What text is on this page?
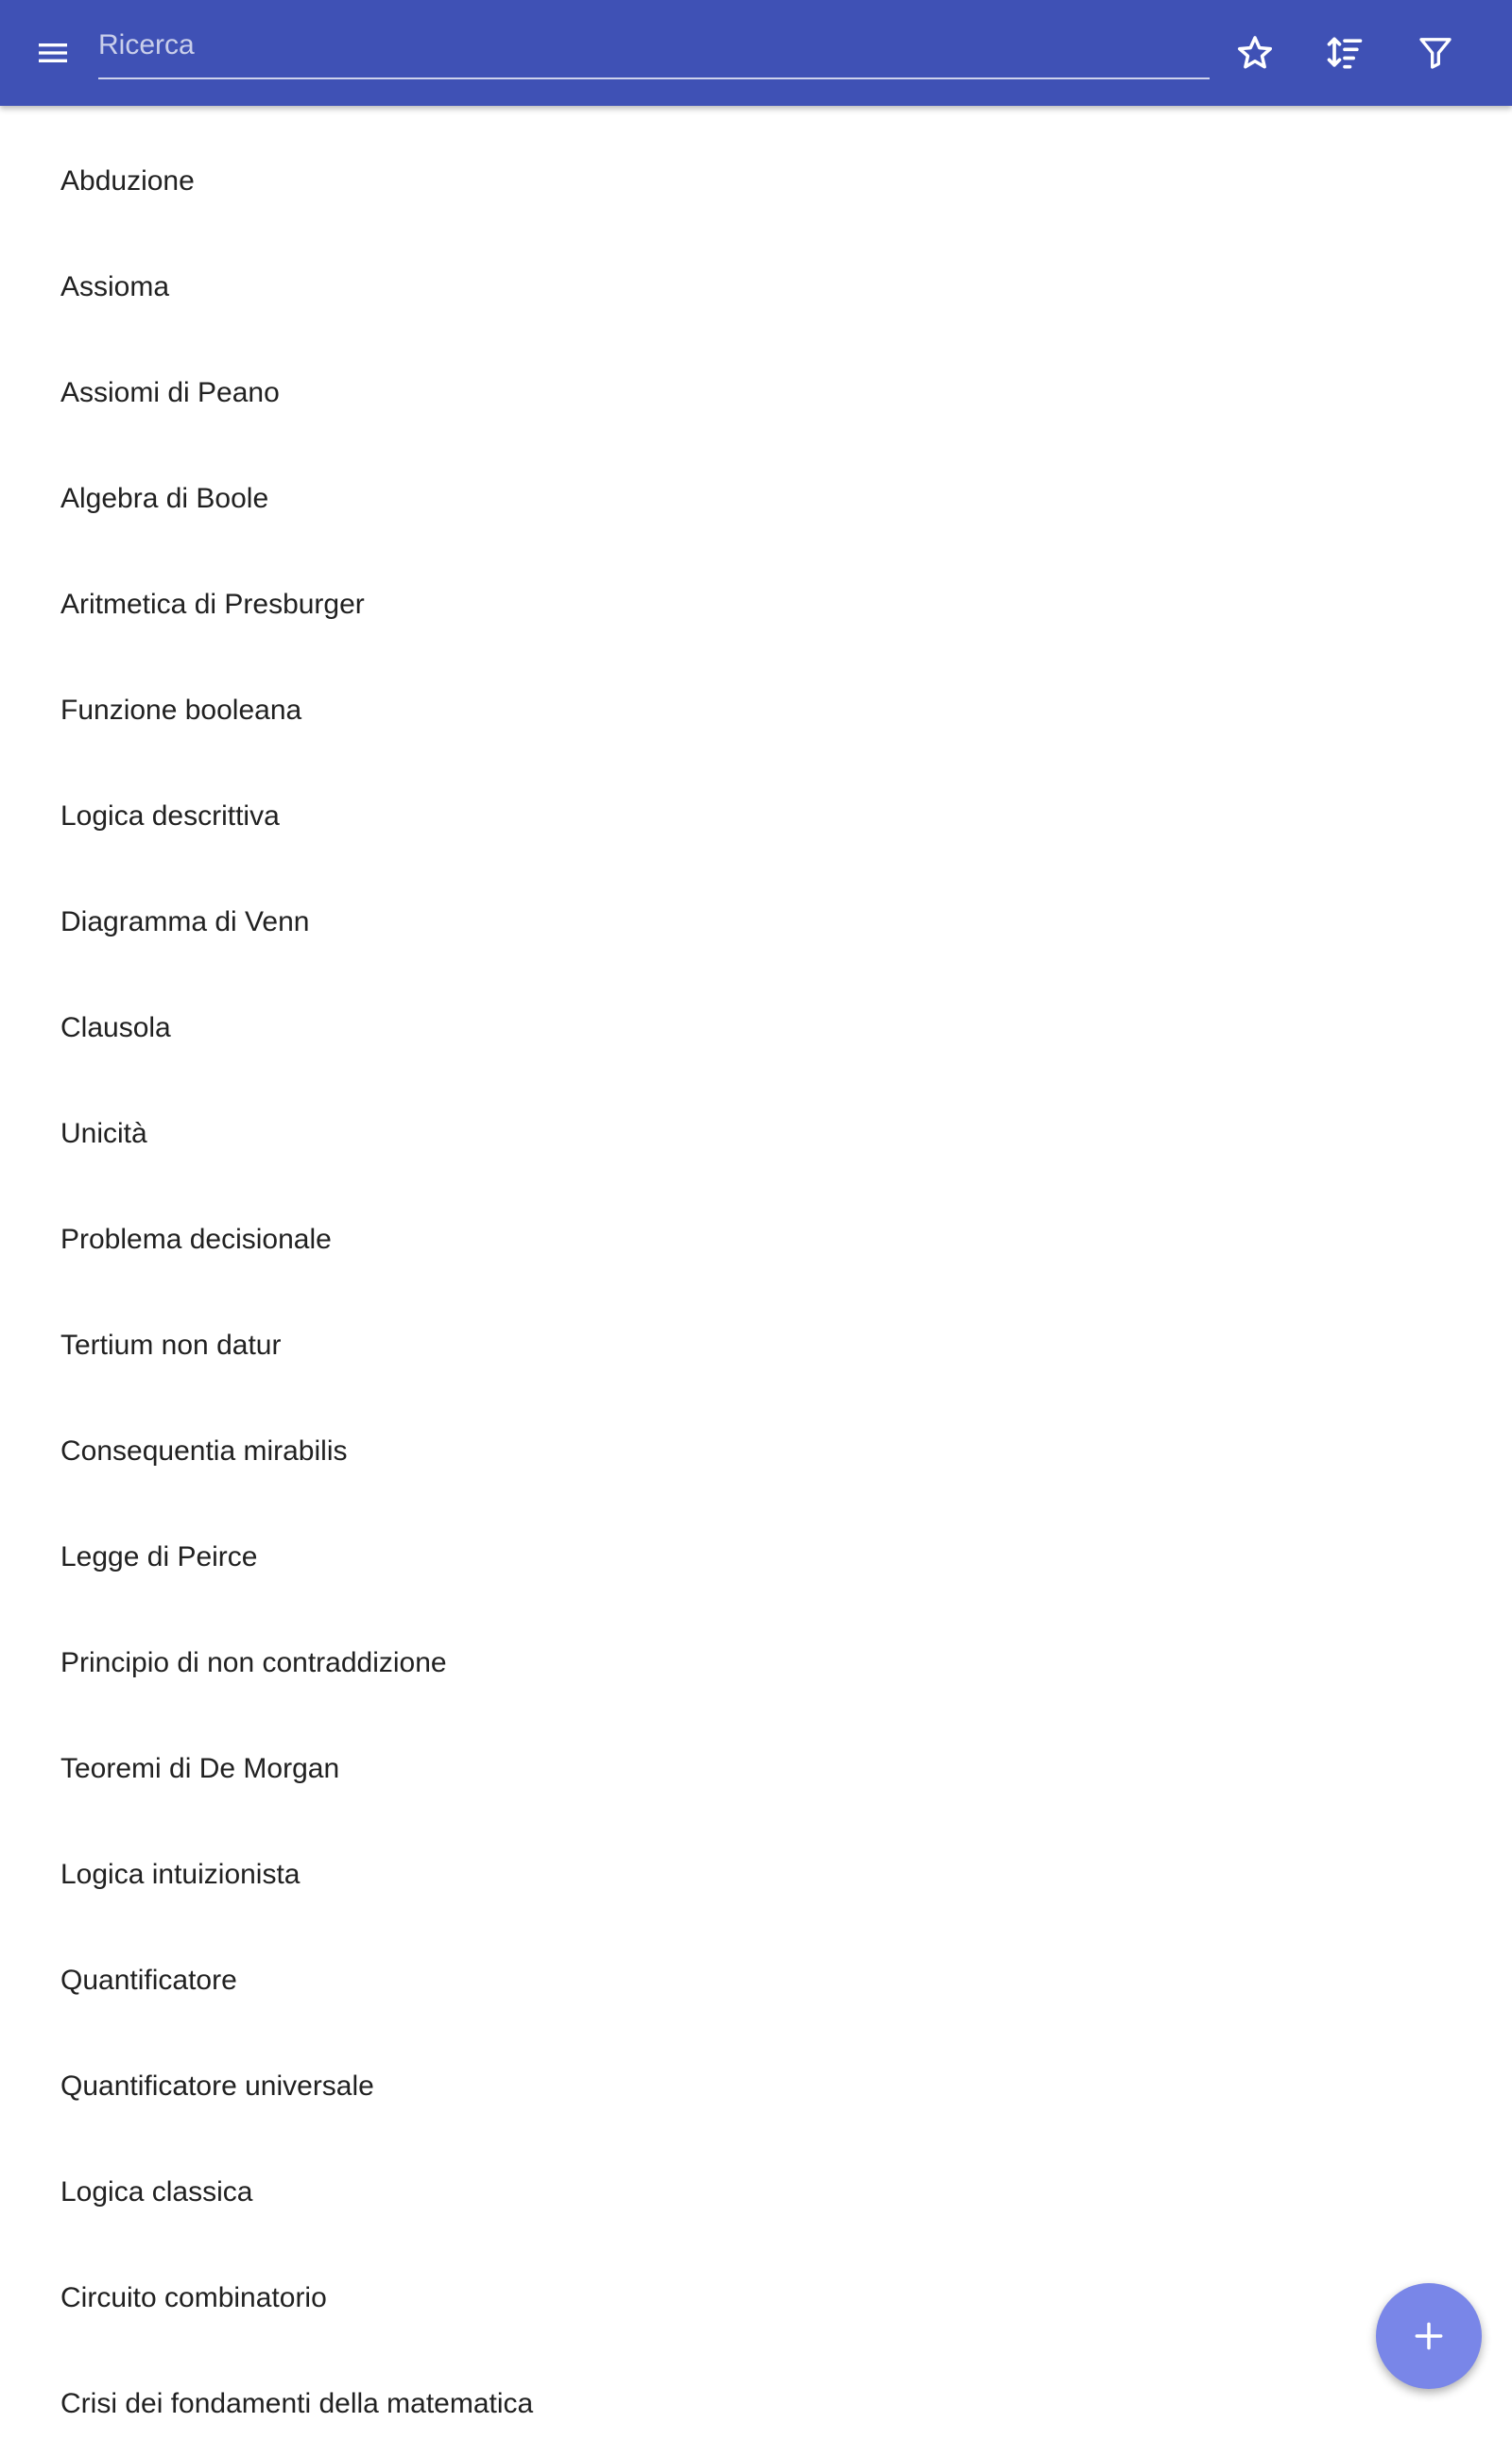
Ricerca
Abduzione
Assioma
Assiomi di Peano
Algebra di Boole
Aritmetica di Presburger
Funzione booleana
Logica descrittiva
Diagramma di Venn
Clausola
Unicità
Problema decisionale
Tertium non datur
Consequentia mirabilis
Legge di Peirce
Principio di non contraddizione
Teoremi di De Morgan
Logica intuizionista
Quantificatore
Quantificatore universale
Logica classica
Circuito combinatorio
Crisi dei fondamenti della matematica
